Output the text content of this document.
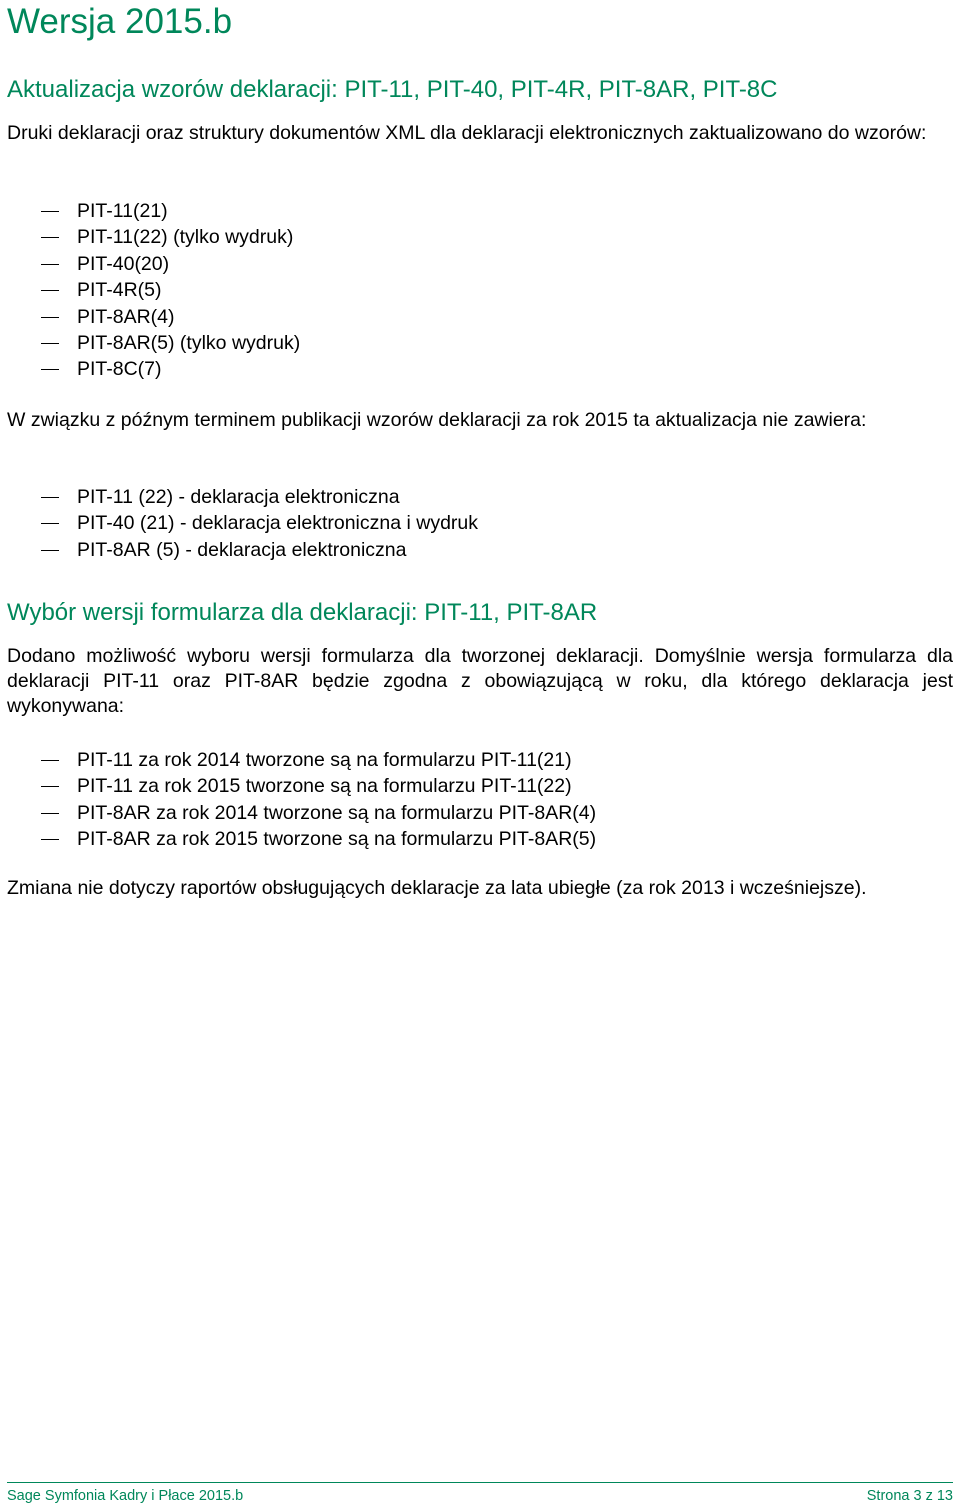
Wersja 2015.b
Aktualizacja wzorów deklaracji: PIT-11, PIT-40, PIT-4R, PIT-8AR, PIT-8C

Druki deklaracji oraz struktury dokumentów XML dla deklaracji elektronicznych zaktualizowano do wzorów:

PIT-11(21)
PIT-11(22) (tylko wydruk)
PIT-40(20)
PIT-4R(5)
PIT-8AR(4)
PIT-8AR(5) (tylko wydruk)
PIT-8C(7)

W związku z późnym terminem publikacji wzorów deklaracji za rok 2015 ta aktualizacja nie zawiera:

PIT-11 (22) - deklaracja elektroniczna
PIT-40 (21) - deklaracja elektroniczna i wydruk
PIT-8AR (5) - deklaracja elektroniczna
Wybór wersji formularza dla deklaracji: PIT-11, PIT-8AR

Dodano możliwość wyboru wersji formularza dla tworzonej deklaracji. Domyślnie wersja formularza dla deklaracji PIT-11 oraz PIT-8AR będzie zgodna z obowiązującą w roku, dla którego deklaracja jest wykonywana:

PIT-11 za rok 2014 tworzone są na formularzu PIT-11(21)
PIT-11 za rok 2015 tworzone są na formularzu PIT-11(22)
PIT-8AR za rok 2014 tworzone są na formularzu PIT-8AR(4)
PIT-8AR za rok 2015 tworzone są na formularzu PIT-8AR(5)

Zmiana nie dotyczy raportów obsługujących deklaracje za lata ubiegłe (za rok 2013 i wcześniejsze).

Sage Symfonia Kadry i Płace 2015.b	Strona 3 z 13
